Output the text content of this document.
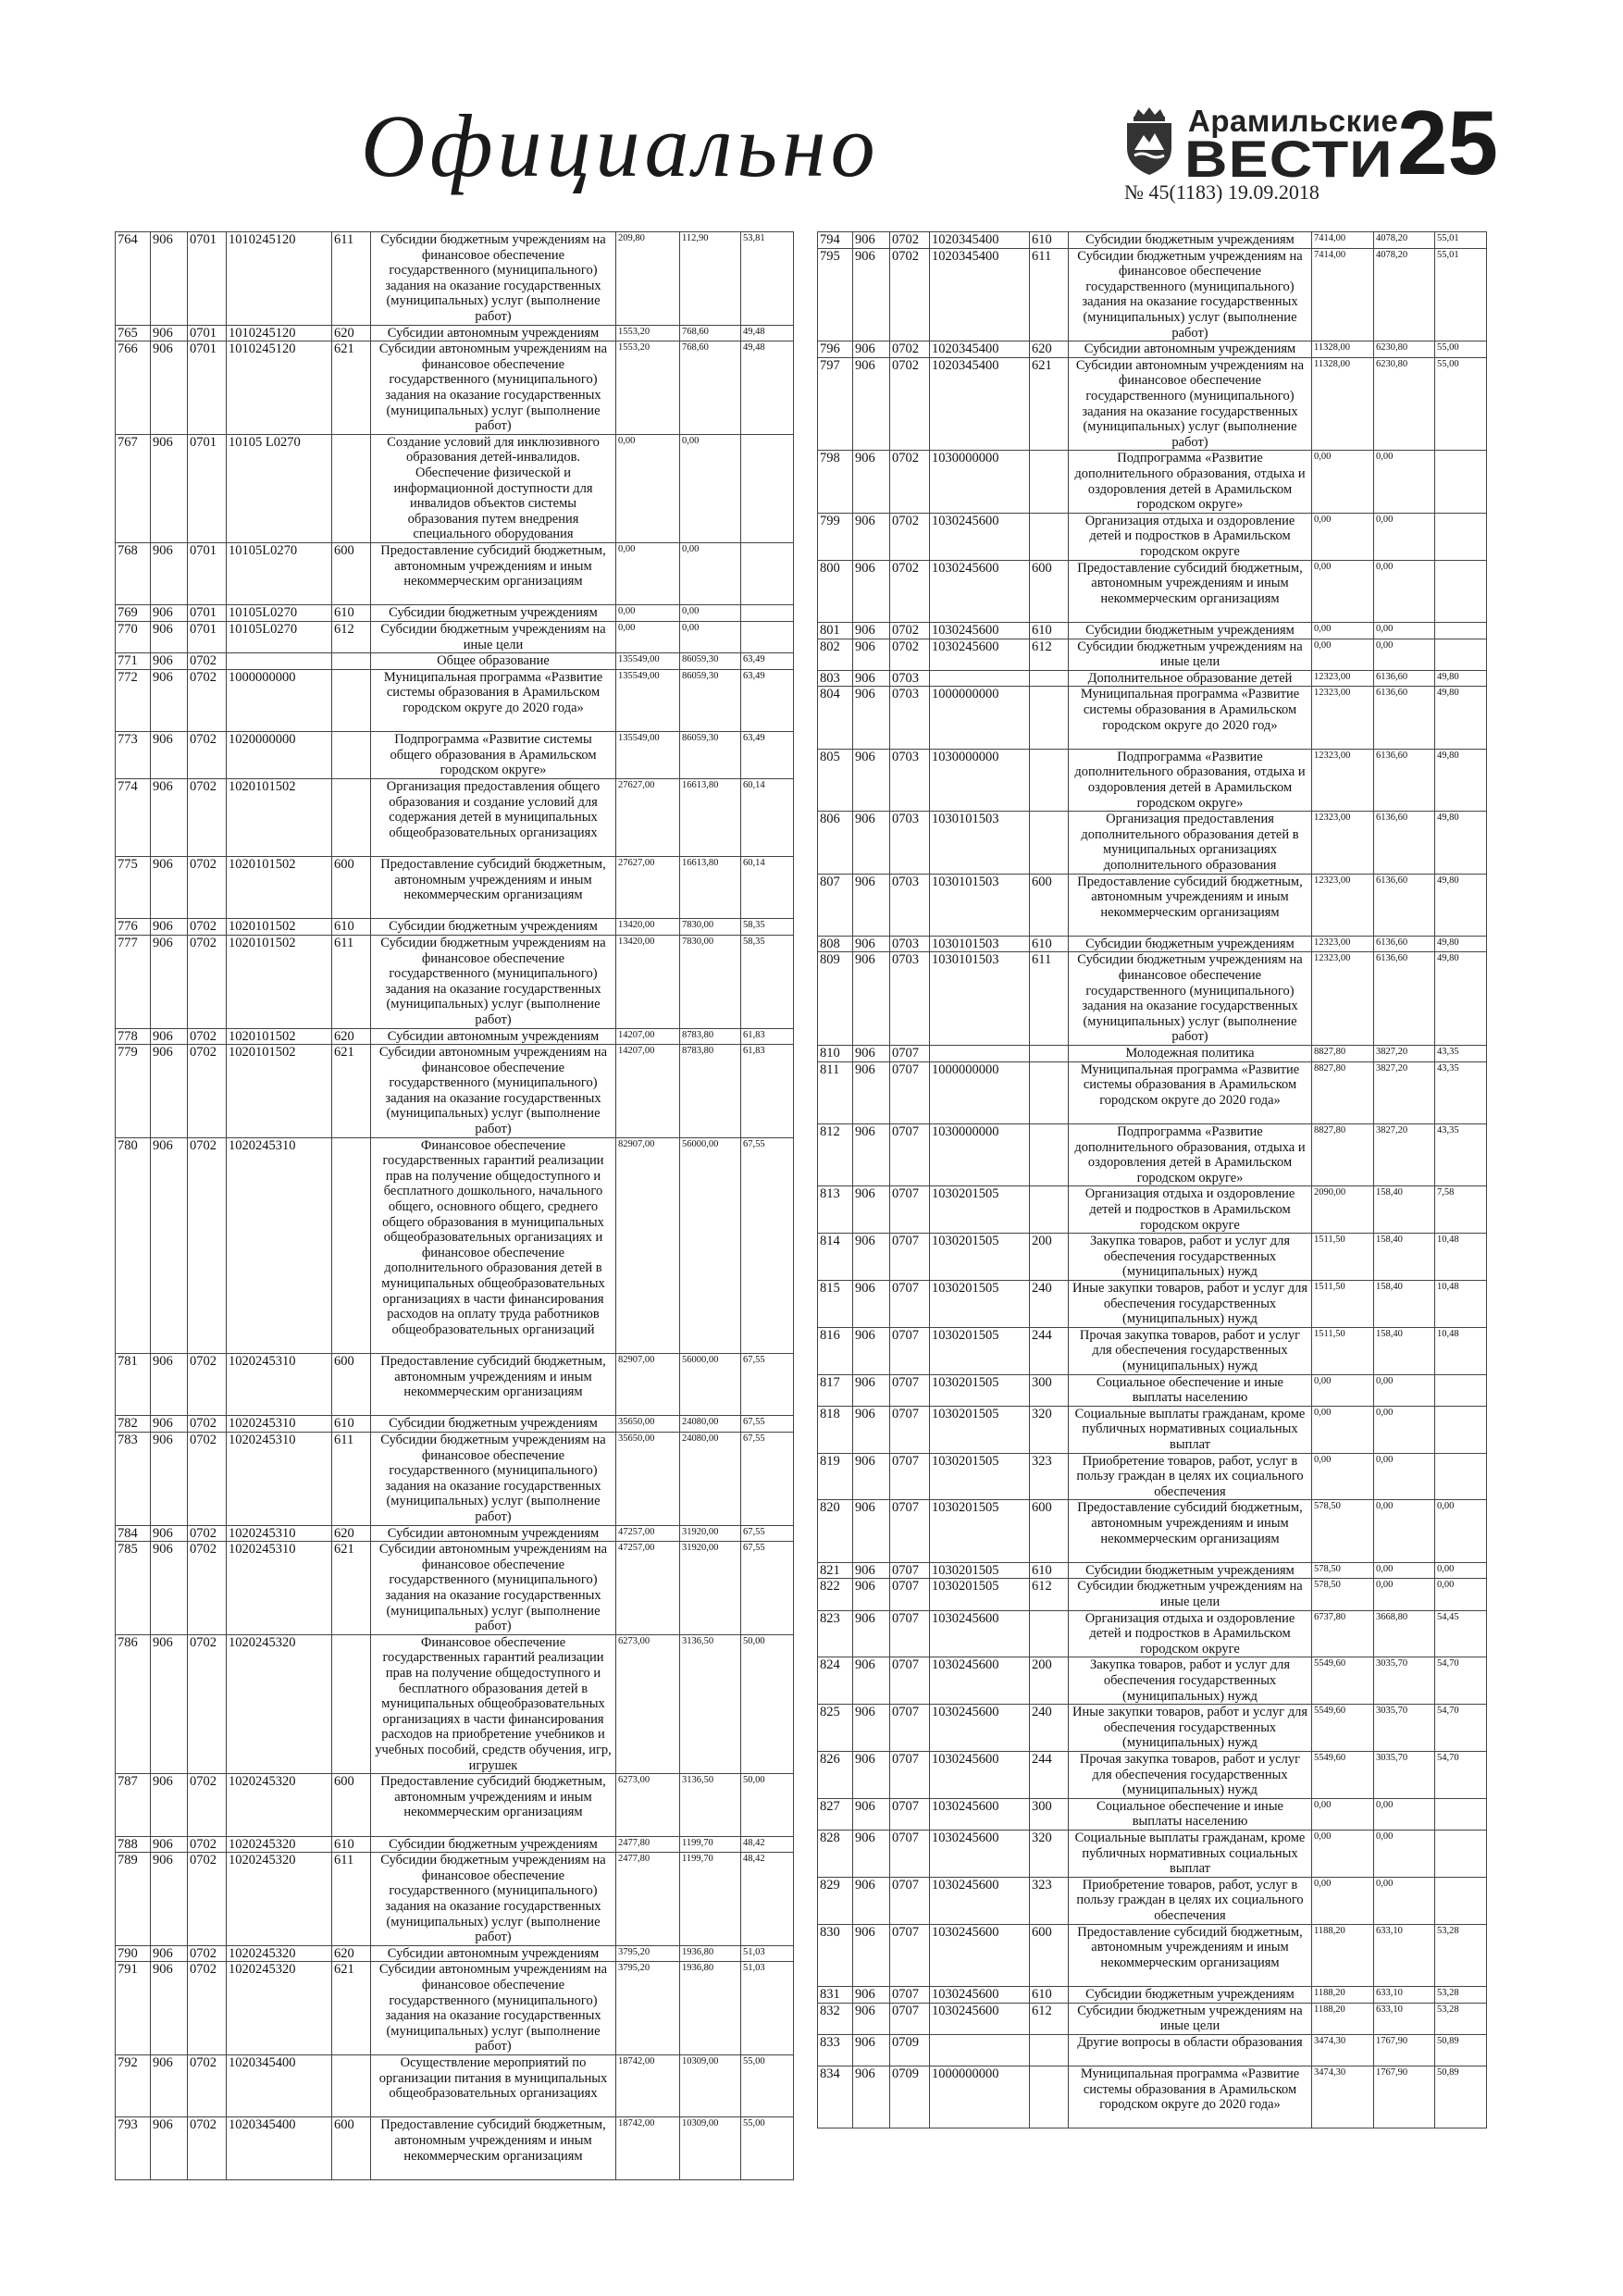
Официально	Арамильские
ВЕСТИ
№ 45(1183) 19.09.2018 25
764	906	0701	1010245120	611	Субсидии бюджетным учреждениям на финансовое обеспечение государственного (муниципального) задания на оказание государственных (муниципальных) услуг (выполнение работ)	209,80	112,90	53,81
765	906	0701	1010245120	620	Субсидии автономным учреждениям	1553,20	768,60	49,48
766	906	0701	1010245120	621	Субсидии автономным учреждениям на финансовое обеспечение государственного (муниципального) задания на оказание государственных (муниципальных) услуг (выполнение работ)	1553,20	768,60	49,48
767	906	0701	10105 L0270		Создание условий для инклюзивного образования детей-инвалидов. Обеспечение физической и информационной доступности для инвалидов объектов системы образования путем внедрения специального оборудования	0,00	0,00	
768	906	0701	10105L0270	600	Предоставление субсидий бюджетным, автономным учреждениям и иным некоммерческим организациям	0,00	0,00	
769	906	0701	10105L0270	610	Субсидии бюджетным учреждениям	0,00	0,00	
770	906	0701	10105L0270	612	Субсидии бюджетным учреждениям на иные цели	0,00	0,00	
771	906	0702			Общее образование	135549,00	86059,30	63,49
772	906	0702	1000000000		Муниципальная программа «Развитие системы образования в Арамильском городском округе до 2020 года»	135549,00	86059,30	63,49
773	906	0702	1020000000		Подпрограмма «Развитие системы общего образования в Арамильском городском округе»	135549,00	86059,30	63,49
774	906	0702	1020101502		Организация предоставления общего образования и создание условий для содержания детей в муниципальных общеобразовательных организациях	27627,00	16613,80	60,14
775	906	0702	1020101502	600	Предоставление субсидий бюджетным, автономным учреждениям и иным некоммерческим организациям	27627,00	16613,80	60,14
776	906	0702	1020101502	610	Субсидии бюджетным учреждениям	13420,00	7830,00	58,35
777	906	0702	1020101502	611	Субсидии бюджетным учреждениям на финансовое обеспечение государственного (муниципального) задания на оказание государственных (муниципальных) услуг (выполнение работ)	13420,00	7830,00	58,35
778	906	0702	1020101502	620	Субсидии автономным учреждениям	14207,00	8783,80	61,83
779	906	0702	1020101502	621	Субсидии автономным учреждениям на финансовое обеспечение государственного (муниципального) задания на оказание государственных (муниципальных) услуг (выполнение работ)	14207,00	8783,80	61,83
780	906	0702	1020245310		Финансовое обеспечение государственных гарантий реализации прав на получение общедоступного и бесплатного дошкольного, начального общего, основного общего, среднего общего образования в муниципальных общеобразовательных организациях и финансовое обеспечение дополнительного образования детей в муниципальных общеобразовательных организациях в части финансирования расходов на оплату труда работников общеобразовательных организаций	82907,00	56000,00	67,55
781	906	0702	1020245310	600	Предоставление субсидий бюджетным, автономным учреждениям и иным некоммерческим организациям	82907,00	56000,00	67,55
782	906	0702	1020245310	610	Субсидии бюджетным учреждениям	35650,00	24080,00	67,55
783	906	0702	1020245310	611	Субсидии бюджетным учреждениям на финансовое обеспечение государственного (муниципального) задания на оказание государственных (муниципальных) услуг (выполнение работ)	35650,00	24080,00	67,55
784	906	0702	1020245310	620	Субсидии автономным учреждениям	47257,00	31920,00	67,55
785	906	0702	1020245310	621	Субсидии автономным учреждениям на финансовое обеспечение государственного (муниципального) задания на оказание государственных (муниципальных) услуг (выполнение работ)	47257,00	31920,00	67,55
786	906	0702	1020245320		Финансовое обеспечение государственных гарантий реализации прав на получение общедоступного и бесплатного образования детей в муниципальных общеобразовательных организациях в части финансирования расходов на приобретение учебников и учебных пособий, средств обучения, игр, игрушек	6273,00	3136,50	50,00
787	906	0702	1020245320	600	Предоставление субсидий бюджетным, автономным учреждениям и иным некоммерческим организациям	6273,00	3136,50	50,00
788	906	0702	1020245320	610	Субсидии бюджетным учреждениям	2477,80	1199,70	48,42
789	906	0702	1020245320	611	Субсидии бюджетным учреждениям на финансовое обеспечение государственного (муниципального) задания на оказание государственных (муниципальных) услуг (выполнение работ)	2477,80	1199,70	48,42
790	906	0702	1020245320	620	Субсидии автономным учреждениям	3795,20	1936,80	51,03
791	906	0702	1020245320	621	Субсидии автономным учреждениям на финансовое обеспечение государственного (муниципального) задания на оказание государственных (муниципальных) услуг (выполнение работ)	3795,20	1936,80	51,03
792	906	0702	1020345400		Осуществление мероприятий по организации питания в муниципальных общеобразовательных организациях	18742,00	10309,00	55,00
793	906	0702	1020345400	600	Предоставление субсидий бюджетным, автономным учреждениям и иным некоммерческим организациям	18742,00	10309,00	55,00
794	906	0702	1020345400	610	Субсидии бюджетным учреждениям	7414,00	4078,20	55,01
795	906	0702	1020345400	611	Субсидии бюджетным учреждениям на финансовое обеспечение государственного (муниципального) задания на оказание государственных (муниципальных) услуг (выполнение работ)	7414,00	4078,20	55,01
796	906	0702	1020345400	620	Субсидии автономным учреждениям	11328,00	6230,80	55,00
797	906	0702	1020345400	621	Субсидии автономным учреждениям на финансовое обеспечение государственного (муниципального) задания на оказание государственных (муниципальных) услуг (выполнение работ)	11328,00	6230,80	55,00
798	906	0702	1030000000		Подпрограмма «Развитие дополнительного образования, отдыха и оздоровления детей в Арамильском городском округе»	0,00	0,00	
799	906	0702	1030245600		Организация отдыха и оздоровление детей и подростков в Арамильском городском округе	0,00	0,00	
800	906	0702	1030245600	600	Предоставление субсидий бюджетным, автономным учреждениям и иным некоммерческим организациям	0,00	0,00	
801	906	0702	1030245600	610	Субсидии бюджетным учреждениям	0,00	0,00	
802	906	0702	1030245600	612	Субсидии бюджетным учреждениям на иные цели	0,00	0,00	
803	906	0703			Дополнительное образование детей	12323,00	6136,60	49,80
804	906	0703	1000000000		Муниципальная программа «Развитие системы образования в Арамильском городском округе до 2020 год»	12323,00	6136,60	49,80
805	906	0703	1030000000		Подпрограмма «Развитие дополнительного образования, отдыха и оздоровления детей в Арамильском городском округе»	12323,00	6136,60	49,80
806	906	0703	1030101503		Организация предоставления дополнительного образования детей в муниципальных организациях дополнительного образования	12323,00	6136,60	49,80
807	906	0703	1030101503	600	Предоставление субсидий бюджетным, автономным учреждениям и иным некоммерческим организациям	12323,00	6136,60	49,80
808	906	0703	1030101503	610	Субсидии бюджетным учреждениям	12323,00	6136,60	49,80
809	906	0703	1030101503	611	Субсидии бюджетным учреждениям на финансовое обеспечение государственного (муниципального) задания на оказание государственных (муниципальных) услуг (выполнение работ)	12323,00	6136,60	49,80
810	906	0707			Молодежная политика	8827,80	3827,20	43,35
811	906	0707	1000000000		Муниципальная программа «Развитие системы образования в Арамильском городском округе до 2020 года»	8827,80	3827,20	43,35
812	906	0707	1030000000		Подпрограмма «Развитие дополнительного образования, отдыха и оздоровления детей в Арамильском городском округе»	8827,80	3827,20	43,35
813	906	0707	1030201505		Организация отдыха и оздоровление детей и подростков в Арамильском городском округе	2090,00	158,40	7,58
814	906	0707	1030201505	200	Закупка товаров, работ и услуг для обеспечения государственных (муниципальных) нужд	1511,50	158,40	10,48
815	906	0707	1030201505	240	Иные закупки товаров, работ и услуг для обеспечения государственных (муниципальных) нужд	1511,50	158,40	10,48
816	906	0707	1030201505	244	Прочая закупка товаров, работ и услуг для обеспечения государственных (муниципальных) нужд	1511,50	158,40	10,48
817	906	0707	1030201505	300	Социальное обеспечение и иные выплаты населению	0,00	0,00	
818	906	0707	1030201505	320	Социальные выплаты гражданам, кроме публичных нормативных социальных выплат	0,00	0,00	
819	906	0707	1030201505	323	Приобретение товаров, работ, услуг в пользу граждан в целях их социального обеспечения	0,00	0,00	
820	906	0707	1030201505	600	Предоставление субсидий бюджетным, автономным учреждениям и иным некоммерческим организациям	578,50	0,00	0,00
821	906	0707	1030201505	610	Субсидии бюджетным учреждениям	578,50	0,00	0,00
822	906	0707	1030201505	612	Субсидии бюджетным учреждениям на иные цели	578,50	0,00	0,00
823	906	0707	1030245600		Организация отдыха и оздоровление детей и подростков в Арамильском городском округе	6737,80	3668,80	54,45
824	906	0707	1030245600	200	Закупка товаров, работ и услуг для обеспечения государственных (муниципальных) нужд	5549,60	3035,70	54,70
825	906	0707	1030245600	240	Иные закупки товаров, работ и услуг для обеспечения государственных (муниципальных) нужд	5549,60	3035,70	54,70
826	906	0707	1030245600	244	Прочая закупка товаров, работ и услуг для обеспечения государственных (муниципальных) нужд	5549,60	3035,70	54,70
827	906	0707	1030245600	300	Социальное обеспечение и иные выплаты населению	0,00	0,00	
828	906	0707	1030245600	320	Социальные выплаты гражданам, кроме публичных нормативных социальных выплат	0,00	0,00	
829	906	0707	1030245600	323	Приобретение товаров, работ, услуг в пользу граждан в целях их социального обеспечения	0,00	0,00	
830	906	0707	1030245600	600	Предоставление субсидий бюджетным, автономным учреждениям и иным некоммерческим организациям	1188,20	633,10	53,28
831	906	0707	1030245600	610	Субсидии бюджетным учреждениям	1188,20	633,10	53,28
832	906	0707	1030245600	612	Субсидии бюджетным учреждениям на иные цели	1188,20	633,10	53,28
833	906	0709			Другие вопросы в области образования	3474,30	1767,90	50,89
834	906	0709	1000000000		Муниципальная программа «Развитие системы образования в Арамильском городском округе до 2020 года»	3474,30	1767,90	50,89
